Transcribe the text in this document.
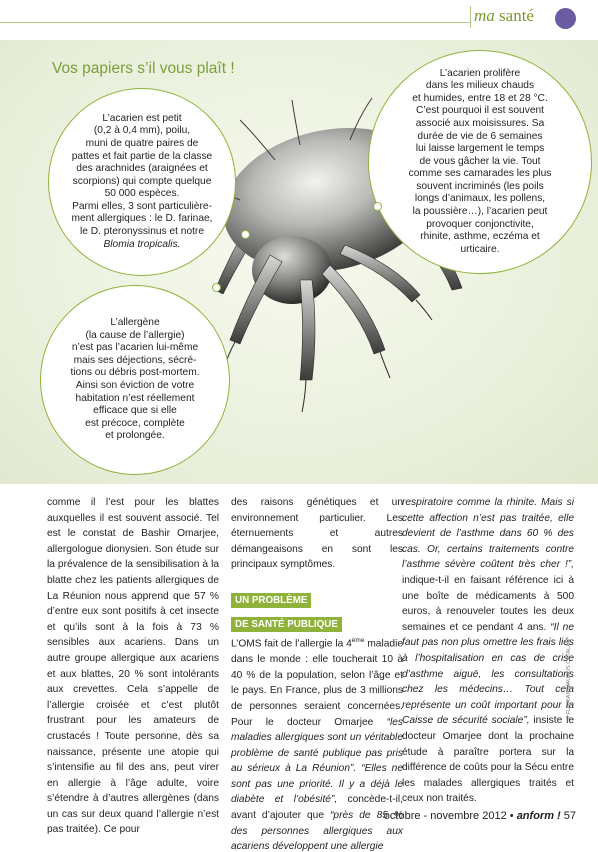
ma santé
Vos papiers s’il vous plaît !

L’acarien est petit
(0,2 à 0,4 mm), poilu,
muni de quatre paires de
pattes et fait partie de la classe
des arachnides (araignées et
scorpions) qui compte quelque
50 000 espèces.
Parmi elles, 3 sont particulière-
ment allergiques : le D. farinae,
le D. pteronyssinus et notre
Blomia tropicalis.

L’acarien prolifère
dans les milieux chauds
et humides, entre 18 et 28 °C.
C’est pourquoi il est souvent
associé aux moisissures. Sa
durée de vie de 6 semaines
lui laisse largement le temps
de vous gâcher la vie. Tout
comme ses camarades les plus
souvent incriminés (les poils
longs d’animaux, les pollens,
la poussière…), l’acarien peut
provoquer conjonctivite,
rhinite, asthme, eczéma et
urticaire.

L’allergène
(la cause de l’allergie)
n’est pas l’acarien lui-même
mais ses déjections, sécré-
tions ou débris post-mortem.
Ainsi son éviction de votre
habitation n’est réellement
efficace que si elle
est précoce, complète
et prolongée.

comme il l’est pour les blattes auxquelles il est souvent associé. Tel est le constat de Bashir Omarjee, allergologue dionysien. Son étude sur la prévalence de la sensibilisation à la blatte chez les patients allergiques de La Réunion nous apprend que 57 % d’entre eux sont positifs à cet insecte et qu’ils sont à la fois à 73 % sensibles aux acariens. Dans un autre groupe allergique aux acariens et aux blattes, 20 % sont intolérants aux crevettes. Cela s’appelle de l’allergie croisée et c’est plutôt frustrant pour les amateurs de crustacés ! Toute personne, dès sa naissance, présente une atopie qui s’intensifie au fil des ans, peut virer en allergie à l’âge adulte, voire s’étendre à d’autres allergènes (dans un cas sur deux quand l’allergie n’est pas traitée). Ce pour
des raisons génétiques et un environnement particulier. Les éternuements et autres démangeaisons en sont les principaux symptômes.
UN PROBLÈME
DE SANTÉ PUBLIQUE
L’OMS fait de l’allergie la 4ème maladie dans le monde : elle toucherait 10 à 40 % de la population, selon l’âge et le pays. En France, plus de 3 millions de personnes seraient concernées. Pour le docteur Omarjee “les maladies allergiques sont un véritable problème de santé publique pas pris au sérieux à La Réunion”. “Elles ne sont pas une priorité. Il y a déjà le diabète et l’obésité”, concède-t-il, avant d’ajouter que “près de 85 % des personnes allergiques aux acariens développent une allergie
respiratoire comme la rhinite. Mais si cette affection n’est pas traitée, elle devient de l’asthme dans 60 % des cas. Or, certains traitements contre l’asthme sévère coûtent très cher !”, indique-t-il en faisant référence ici à une boîte de médicaments à 500 euros, à renouveler toutes les deux semaines et ce pendant 4 ans. “Il ne faut pas non plus omettre les frais liés à l’hospitalisation en cas de crise d’asthme aiguë, les consultations chez les médecins… Tout cela représente un coût important pour la Caisse de sécurité sociale”, insiste le docteur Omarjee dont la prochaine étude à paraître portera sur la différence de coûts pour la Sécu entre les malades allergiques traités et ceux non traités.
© FLORIAN MAURUS CATALAN
octobre - novembre 2012 • anform ! 57
